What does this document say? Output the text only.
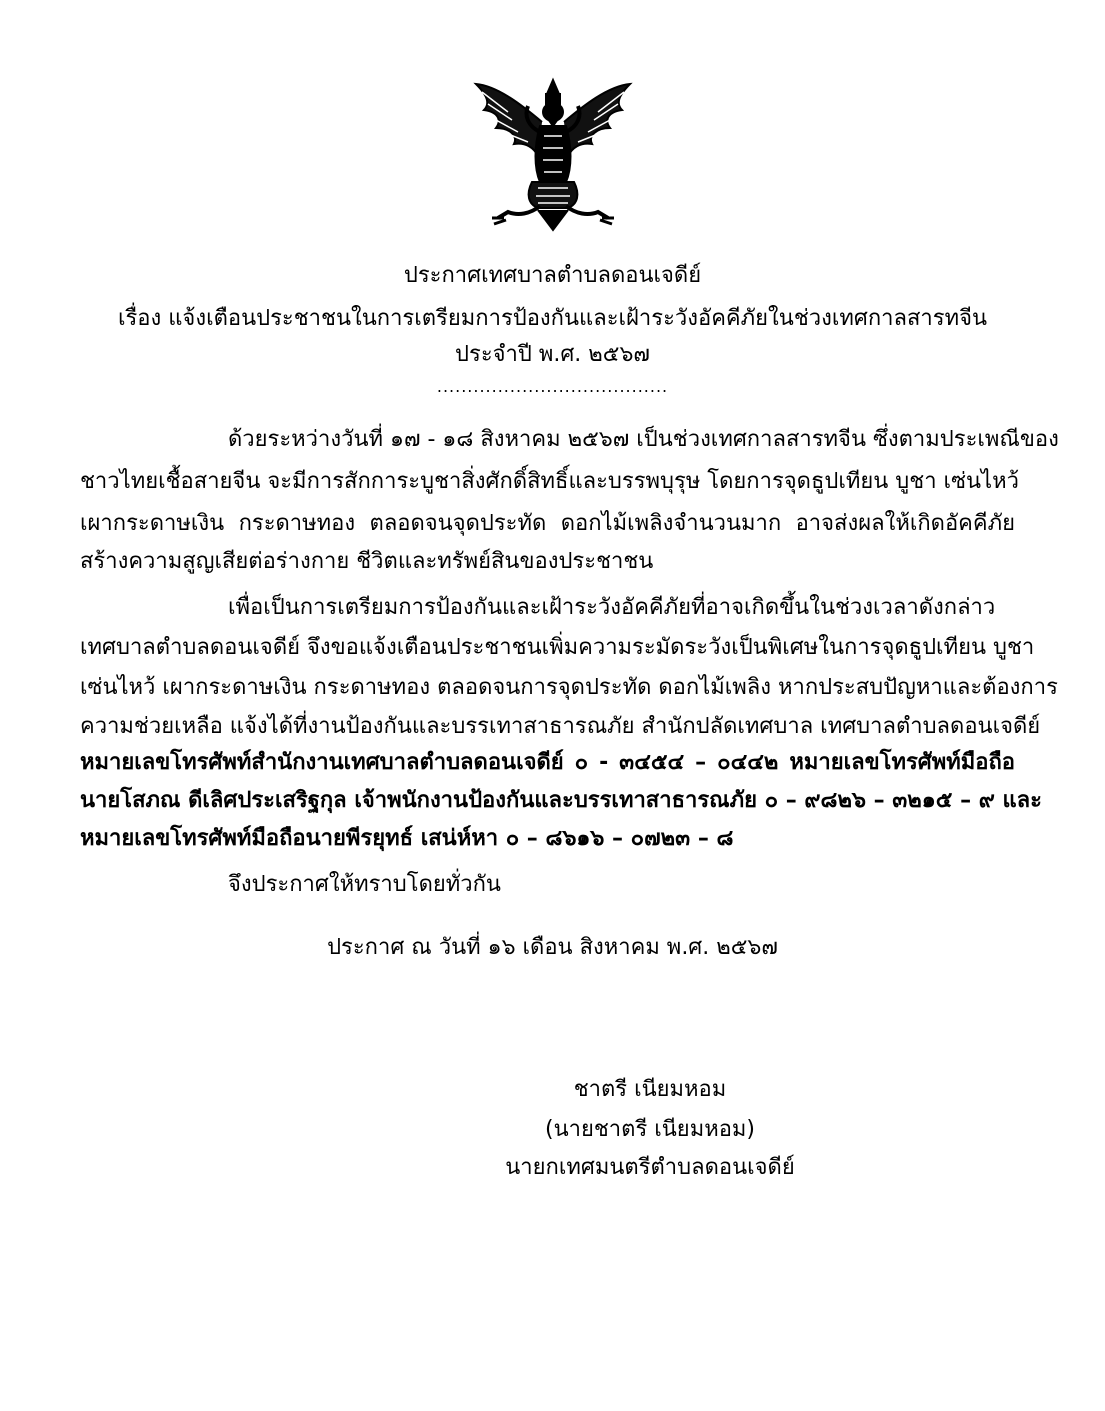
ประกาศเทศบาลตำบลดอนเจดีย์
เรื่อง แจ้งเตือนประชาชนในการเตรียมการป้องกันและเฝ้าระวังอัคคีภัยในช่วงเทศกาลสารทจีน
ประจำปี พ.ศ. ๒๕๖๗
......................................
ด้วยระหว่างวันที่ ๑๗ - ๑๘ สิงหาคม ๒๕๖๗ เป็นช่วงเทศกาลสารทจีน ซึ่งตามประเพณีของ
ชาวไทยเชื้อสายจีน จะมีการสักการะบูชาสิ่งศักดิ์สิทธิ์และบรรพบุรุษ โดยการจุดธูปเทียน บูชา เซ่นไหว้
เผากระดาษเงิน กระดาษทอง ตลอดจนจุดประทัด ดอกไม้เพลิงจำนวนมาก อาจส่งผลให้เกิดอัคคีภัย
สร้างความสูญเสียต่อร่างกาย ชีวิตและทรัพย์สินของประชาชน
เพื่อเป็นการเตรียมการป้องกันและเฝ้าระวังอัคคีภัยที่อาจเกิดขึ้นในช่วงเวลาดังกล่าว
เทศบาลตำบลดอนเจดีย์ จึงขอแจ้งเตือนประชาชนเพิ่มความระมัดระวังเป็นพิเศษในการจุดธูปเทียน บูชา
เซ่นไหว้ เผากระดาษเงิน กระดาษทอง ตลอดจนการจุดประทัด ดอกไม้เพลิง หากประสบปัญหาและต้องการ
ความช่วยเหลือ แจ้งได้ที่งานป้องกันและบรรเทาสาธารณภัย สำนักปลัดเทศบาล เทศบาลตำบลดอนเจดีย์
หมายเลขโทรศัพท์สำนักงานเทศบาลตำบลดอนเจดีย์ ๐ - ๓๔๕๔ – ๐๔๔๒ หมายเลขโทรศัพท์มือถือ
นายโสภณ ดีเลิศประเสริฐกุล เจ้าพนักงานป้องกันและบรรเทาสาธารณภัย ๐ – ๙๘๒๖ – ๓๒๑๕ – ๙ และ
หมายเลขโทรศัพท์มือถือนายพีรยุทธ์ เสน่ห์หา ๐ – ๘๖๑๖ – ๐๗๒๓ – ๘
จึงประกาศให้ทราบโดยทั่วกัน
ประกาศ ณ วันที่ ๑๖ เดือน สิงหาคม พ.ศ. ๒๕๖๗
ชาตรี เนียมหอม
(นายชาตรี เนียมหอม)
นายกเทศมนตรีตำบลดอนเจดีย์
